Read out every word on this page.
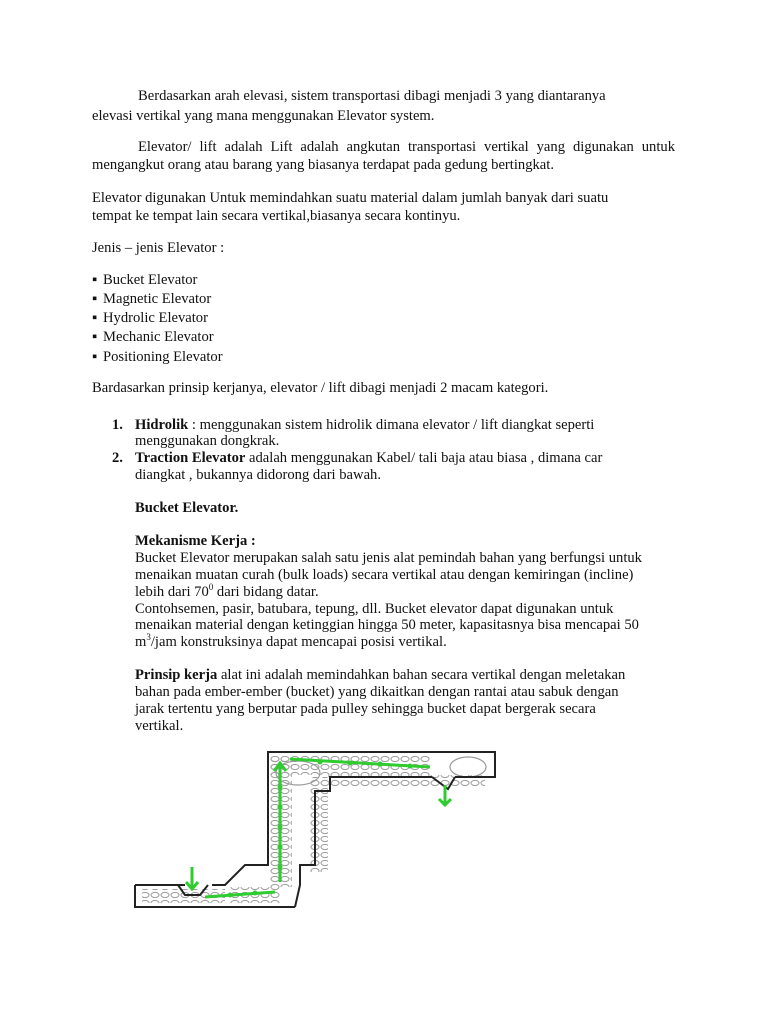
Berdasarkan arah elevasi, sistem transportasi dibagi menjadi 3 yang diantaranya

elevasi vertikal yang mana menggunakan Elevator system.

Elevator/ lift adalah Lift adalah angkutan transportasi vertikal yang digunakan untuk

mengangkut orang atau barang yang biasanya terdapat pada gedung bertingkat.

Elevator digunakan Untuk memindahkan suatu material dalam jumlah banyak dari suatu

tempat ke tempat lain secara vertikal,biasanya secara kontinyu.

Jenis – jenis Elevator :

▪ Bucket Elevator

▪ Magnetic Elevator

▪ Hydrolic Elevator

▪ Mechanic Elevator

▪ Positioning Elevator

Bardasarkan prinsip kerjanya, elevator / lift dibagi menjadi 2 macam kategori.

1. Hidrolik : menggunakan sistem hidrolik dimana elevator / lift diangkat seperti

menggunakan dongkrak.

2. Traction Elevator adalah menggunakan Kabel/ tali baja atau biasa , dimana car

diangkat , bukannya didorong dari bawah.

Bucket Elevator.

Mekanisme Kerja :

Bucket Elevator merupakan salah satu jenis alat pemindah bahan yang berfungsi untuk

menaikan muatan curah (bulk loads) secara vertikal atau dengan kemiringan (incline)

lebih dari $70^0$ dari bidang datar.

Contohsemen, pasir, batubara, tepung, dll. Bucket elevator dapat digunakan untuk

menaikan material dengan ketinggian hingga 50 meter, kapasitasnya bisa mencapai 50

$m^3$/jam konstruksinya dapat mencapai posisi vertikal.

Prinsip kerja alat ini adalah memindahkan bahan secara vertikal dengan meletakan

bahan pada ember-ember (bucket) yang dikaitkan dengan rantai atau sabuk dengan

jarak tertentu yang berputar pada pulley sehingga bucket dapat bergerak secara

vertikal.
